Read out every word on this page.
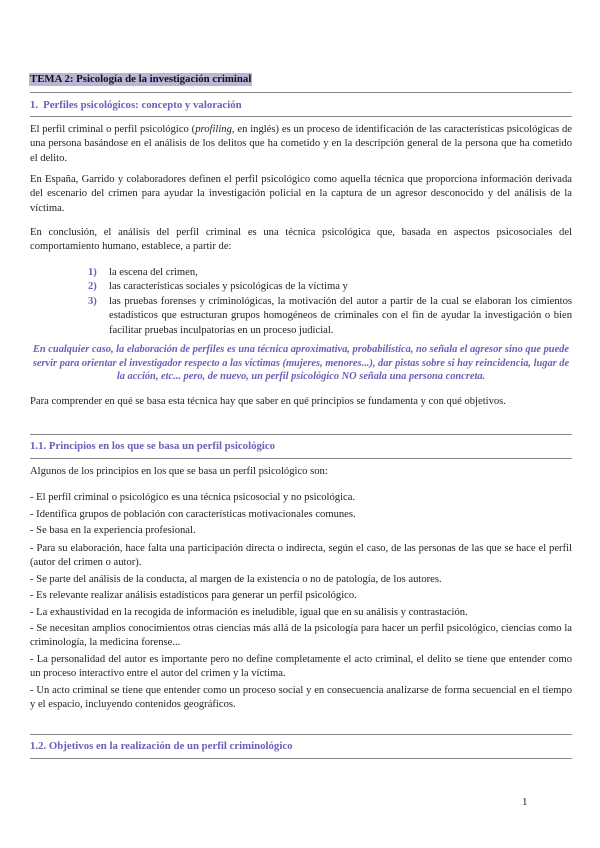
TEMA 2: Psicología de la investigación criminal
1. Perfiles psicológicos: concepto y valoración

El perfil criminal o perfil psicológico (profiling, en inglés) es un proceso de identificación de las características psicológicas de una persona basándose en el análisis de los delitos que ha cometido y en la descripción general de la persona que ha cometido el delito.

En España, Garrido y colaboradores definen el perfil psicológico como aquella técnica que proporciona información derivada del escenario del crimen para ayudar la investigación policial en la captura de un agresor desconocido y del análisis de la víctima.

En conclusión, el análisis del perfil criminal es una técnica psicológica que, basada en aspectos psicosociales del comportamiento humano, establece, a partir de:

1) la escena del crimen,
2) las características sociales y psicológicas de la víctima y
3) las pruebas forenses y criminológicas, la motivación del autor a partir de la cual se elaboran los cimientos estadísticos que estructuran grupos homogéneos de criminales con el fin de ayudar la investigación o bien facilitar pruebas inculpatorias en un proceso judicial.

En cualquier caso, la elaboración de perfiles es una técnica aproximativa, probabilística, no señala el agresor sino que puede servir para orientar el investigador respecto a las víctimas (mujeres, menores...), dar pistas sobre si hay reincidencia, lugar de la acción, etc... pero, de nuevo, un perfil psicológico NO señala una persona concreta.

Para comprender en qué se basa esta técnica hay que saber en qué principios se fundamenta y con qué objetivos.

1.1. Principios en los que se basa un perfil psicológico

Algunos de los principios en los que se basa un perfil psicológico son:

- El perfil criminal o psicológico es una técnica psicosocial y no psicológica.

- Identifica grupos de población con características motivacionales comunes.

- Se basa en la experiencia profesional.

- Para su elaboración, hace falta una participación directa o indirecta, según el caso, de las personas de las que se hace el perfil (autor del crimen o autor).

- Se parte del análisis de la conducta, al margen de la existencia o no de patología, de los autores.

- Es relevante realizar análisis estadísticos para generar un perfil psicológico.

- La exhaustividad en la recogida de información es ineludible, igual que en su análisis y contrastación.

- Se necesitan amplios conocimientos otras ciencias más allá de la psicología para hacer un perfil psicológico, ciencias como la criminología, la medicina forense...

- La personalidad del autor es importante pero no define completamente el acto criminal, el delito se tiene que entender como un proceso interactivo entre el autor del crimen y la víctima.

- Un acto criminal se tiene que entender como un proceso social y en consecuencia analizarse de forma secuencial en el tiempo y el espacio, incluyendo contenidos geográficos.

1.2. Objetivos en la realización de un perfil criminológico
1
